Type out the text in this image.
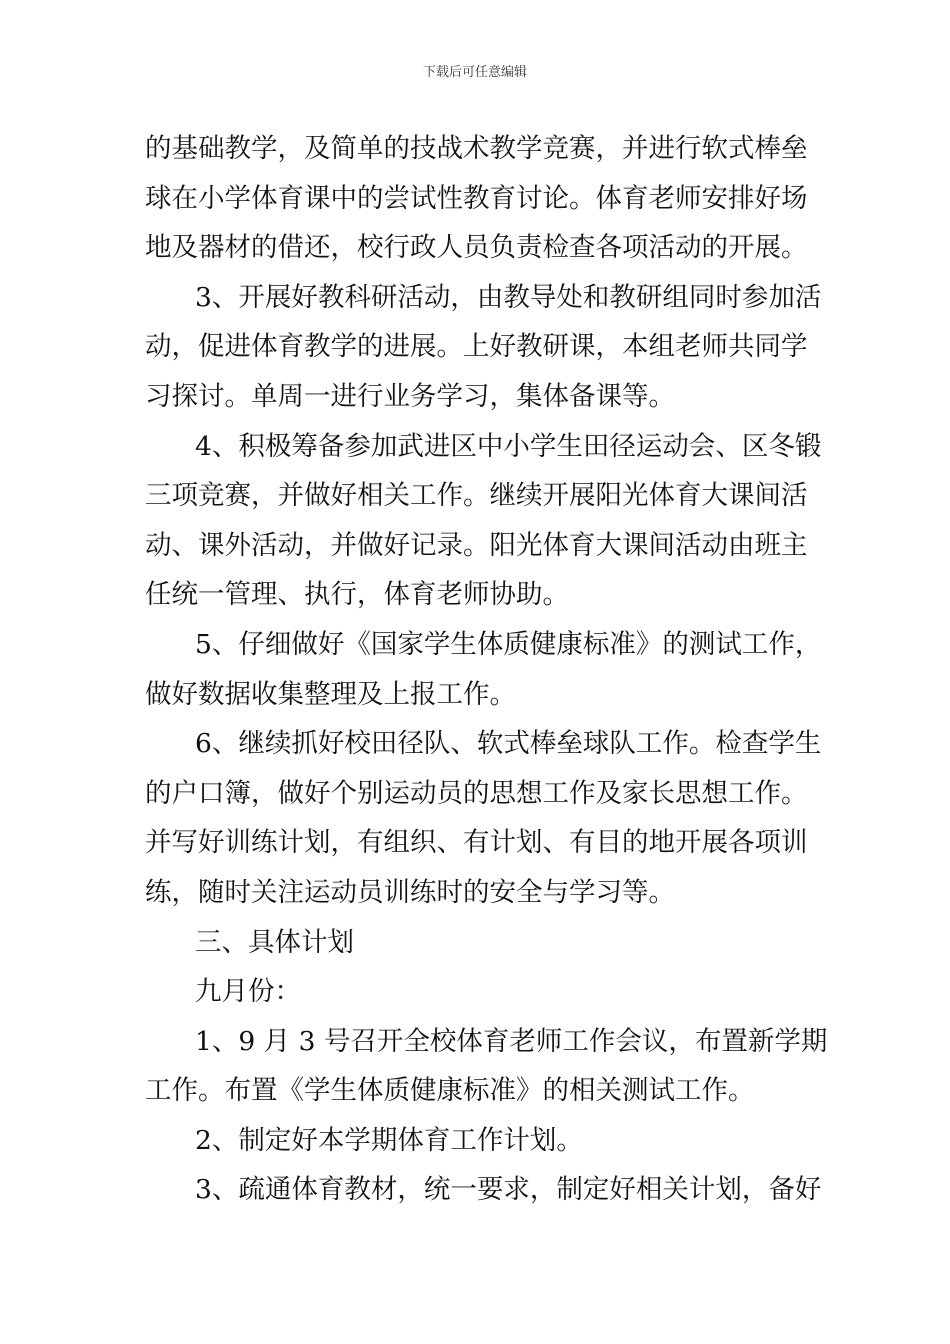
下载后可任意编辑
的基础教学，及简单的技战术教学竞赛，并进行软式棒垒
球在小学体育课中的尝试性教育讨论。体育老师安排好场
地及器材的借还，校行政人员负责检查各项活动的开展。
3、开展好教科研活动，由教导处和教研组同时参加活
动，促进体育教学的进展。上好教研课，本组老师共同学
习探讨。单周一进行业务学习，集体备课等。
4、积极筹备参加武进区中小学生田径运动会、区冬锻
三项竞赛，并做好相关工作。继续开展阳光体育大课间活
动、课外活动，并做好记录。阳光体育大课间活动由班主
任统一管理、执行，体育老师协助。
5、仔细做好《国家学生体质健康标准》的测试工作，
做好数据收集整理及上报工作。
6、继续抓好校田径队、软式棒垒球队工作。检查学生
的户口簿，做好个别运动员的思想工作及家长思想工作。
并写好训练计划，有组织、有计划、有目的地开展各项训
练，随时关注运动员训练时的安全与学习等。
三、具体计划
九月份：
1、9 月 3 号召开全校体育老师工作会议，布置新学期
工作。布置《学生体质健康标准》的相关测试工作。
2、制定好本学期体育工作计划。
3、疏通体育教材，统一要求，制定好相关计划，备好
